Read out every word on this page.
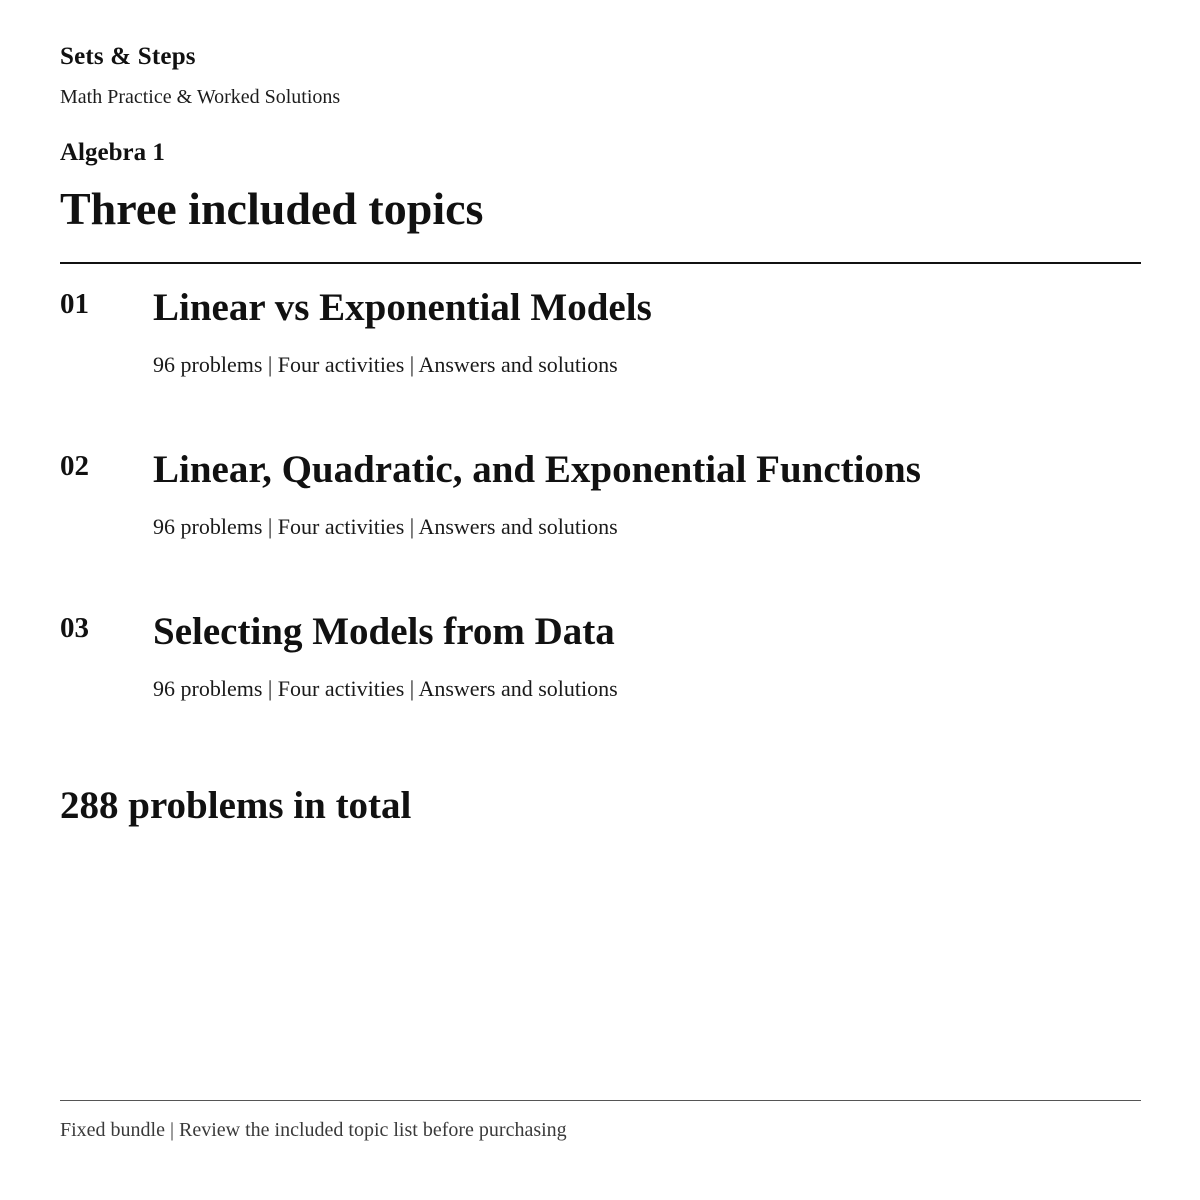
Sets & Steps
Math Practice & Worked Solutions
Algebra 1
Three included topics
01 Linear vs Exponential Models
96 problems | Four activities | Answers and solutions
02 Linear, Quadratic, and Exponential Functions
96 problems | Four activities | Answers and solutions
03 Selecting Models from Data
96 problems | Four activities | Answers and solutions
288 problems in total
Fixed bundle | Review the included topic list before purchasing
